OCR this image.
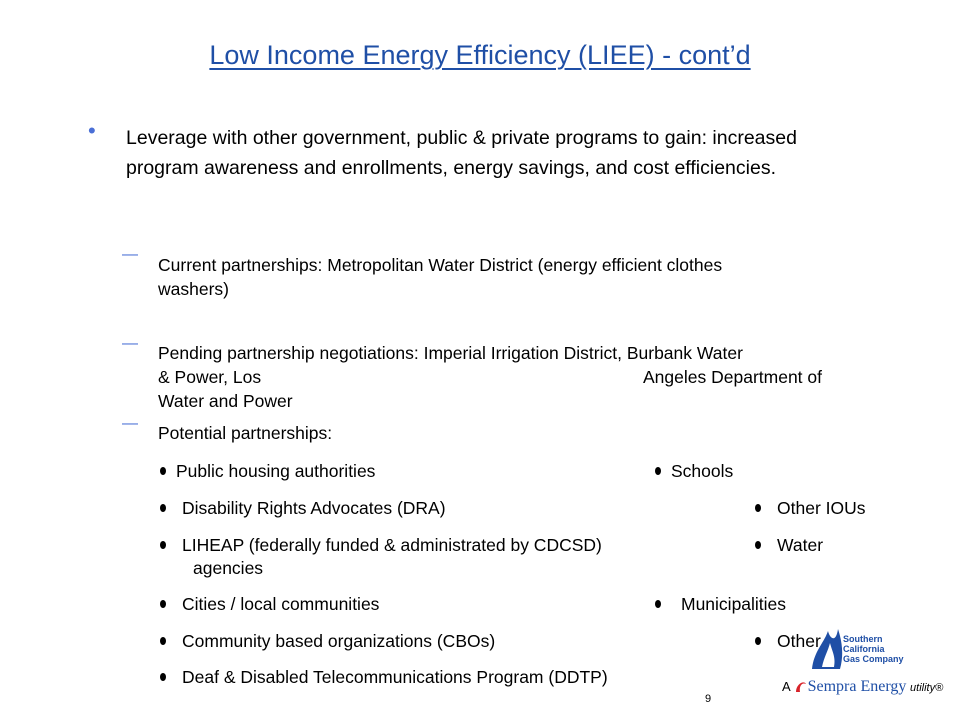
Low Income Energy Efficiency (LIEE) - cont’d
• Leverage with other government, public & private programs to gain: increased program awareness and enrollments, energy savings, and cost efficiencies.
—
Current partnerships: Metropolitan Water District (energy efficient clothes
washers)
— Pending partnership negotiations: Imperial Irrigation District, Burbank Water
& Power, Los	Angeles Department of
Water and Power
— Potential partnerships:
Public housing authorities	Schools
Disability Rights Advocates (DRA)	Other IOUs
LIHEAP (federally funded & administrated by CDCSD)	Water
agencies
Cities / local communities	Municipalities
Community based organizations (CBOs)	Other
Deaf & Disabled Telecommunications Program (DDTP)
9
Southern
California
Gas Company
A Sempra Energy utility®
